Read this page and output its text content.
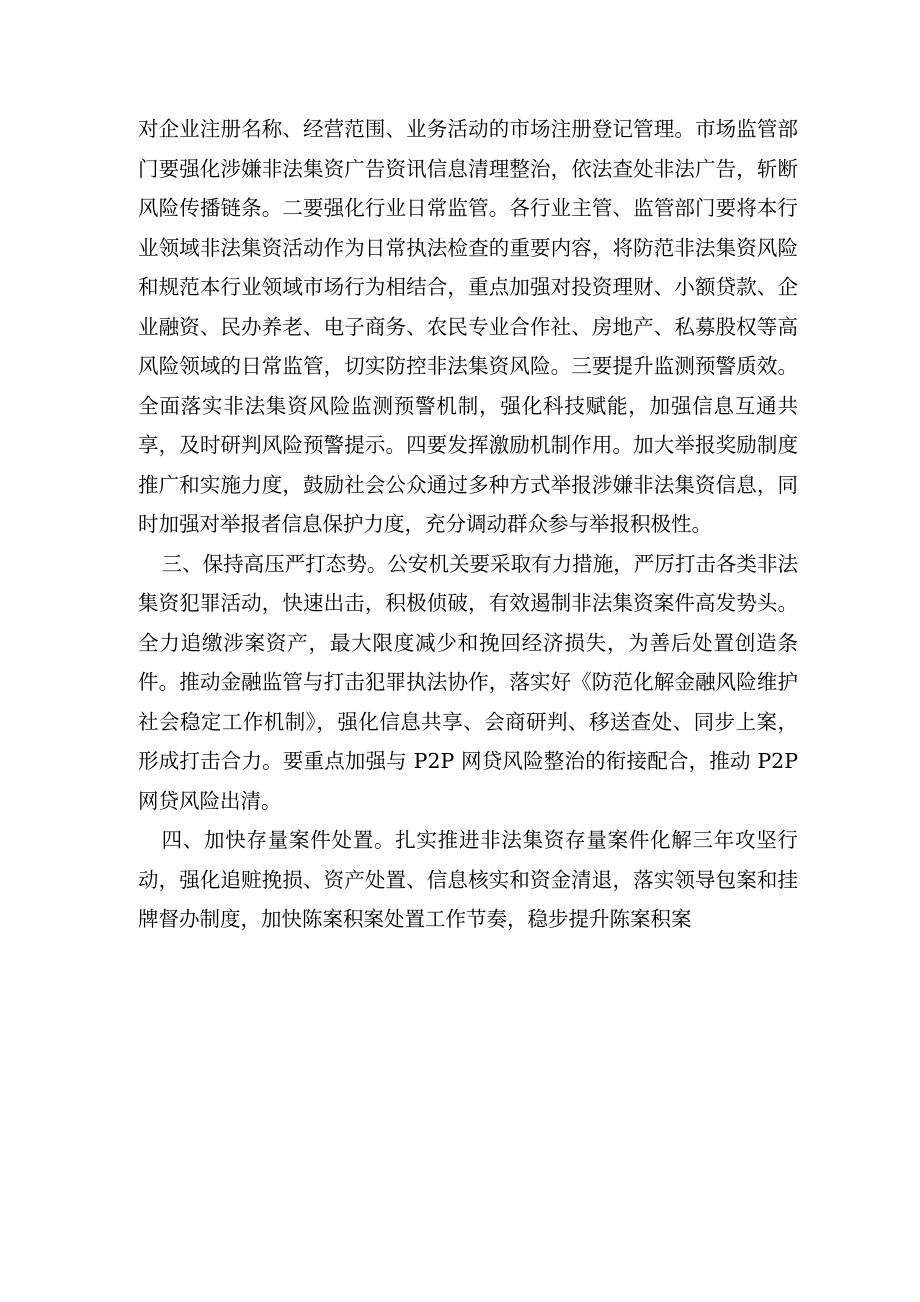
对企业注册名称、经营范围、业务活动的市场注册登记管理。市场监管部门要强化涉嫌非法集资广告资讯信息清理整治，依法查处非法广告，斩断风险传播链条。二要强化行业日常监管。各行业主管、监管部门要将本行业领域非法集资活动作为日常执法检查的重要内容，将防范非法集资风险和规范本行业领域市场行为相结合，重点加强对投资理财、小额贷款、企业融资、民办养老、电子商务、农民专业合作社、房地产、私募股权等高风险领域的日常监管，切实防控非法集资风险。三要提升监测预警质效。全面落实非法集资风险监测预警机制，强化科技赋能，加强信息互通共享，及时研判风险预警提示。四要发挥激励机制作用。加大举报奖励制度推广和实施力度，鼓励社会公众通过多种方式举报涉嫌非法集资信息，同时加强对举报者信息保护力度，充分调动群众参与举报积极性。

三、保持高压严打态势。公安机关要采取有力措施，严厉打击各类非法集资犯罪活动，快速出击，积极侦破，有效遏制非法集资案件高发势头。全力追缴涉案资产，最大限度减少和挽回经济损失，为善后处置创造条件。推动金融监管与打击犯罪执法协作，落实好《防范化解金融风险维护社会稳定工作机制》，强化信息共享、会商研判、移送查处、同步上案，形成打击合力。要重点加强与 P2P 网贷风险整治的衔接配合，推动 P2P 网贷风险出清。

四、加快存量案件处置。扎实推进非法集资存量案件化解三年攻坚行动，强化追赃挽损、资产处置、信息核实和资金清退，落实领导包案和挂牌督办制度，加快陈案积案处置工作节奏，稳步提升陈案积案
